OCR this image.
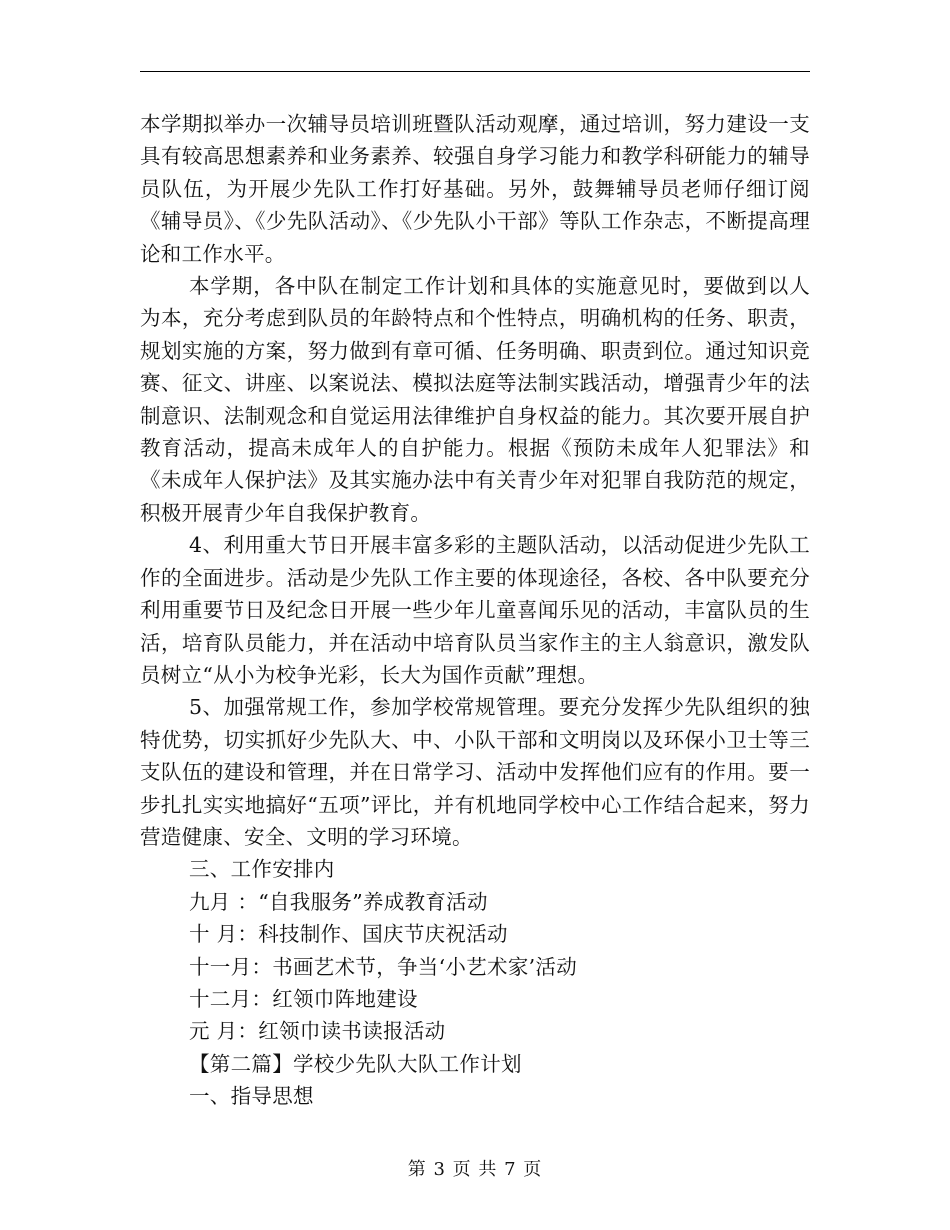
本学期拟举办一次辅导员培训班暨队活动观摩，通过培训，努力建设一支具有较高思想素养和业务素养、较强自身学习能力和教学科研能力的辅导员队伍，为开展少先队工作打好基础。另外，鼓舞辅导员老师仔细订阅《辅导员》、《少先队活动》、《少先队小干部》等队工作杂志，不断提高理论和工作水平。

本学期，各中队在制定工作计划和具体的实施意见时，要做到以人为本，充分考虑到队员的年龄特点和个性特点，明确机构的任务、职责，规划实施的方案，努力做到有章可循、任务明确、职责到位。通过知识竞赛、征文、讲座、以案说法、模拟法庭等法制实践活动，增强青少年的法制意识、法制观念和自觉运用法律维护自身权益的能力。其次要开展自护教育活动，提高未成年人的自护能力。根据《预防未成年人犯罪法》和《未成年人保护法》及其实施办法中有关青少年对犯罪自我防范的规定，积极开展青少年自我保护教育。

4、利用重大节日开展丰富多彩的主题队活动，以活动促进少先队工作的全面进步。活动是少先队工作主要的体现途径，各校、各中队要充分利用重要节日及纪念日开展一些少年儿童喜闻乐见的活动，丰富队员的生活，培育队员能力，并在活动中培育队员当家作主的主人翁意识，激发队员树立“从小为校争光彩，长大为国作贡献”理想。

5、加强常规工作，参加学校常规管理。要充分发挥少先队组织的独特优势，切实抓好少先队大、中、小队干部和文明岗以及环保小卫士等三支队伍的建设和管理，并在日常学习、活动中发挥他们应有的作用。要一步扎扎实实地搞好“五项”评比，并有机地同学校中心工作结合起来，努力营造健康、安全、文明的学习环境。

三、工作安排内

九月 ：“自我服务”养成教育活动

十 月：科技制作、国庆节庆祝活动

十一月：书画艺术节，争当‘小艺术家’活动

十二月：红领巾阵地建设

元 月：红领巾读书读报活动

【第二篇】学校少先队大队工作计划

一、指导思想

第 3 页 共 7 页
